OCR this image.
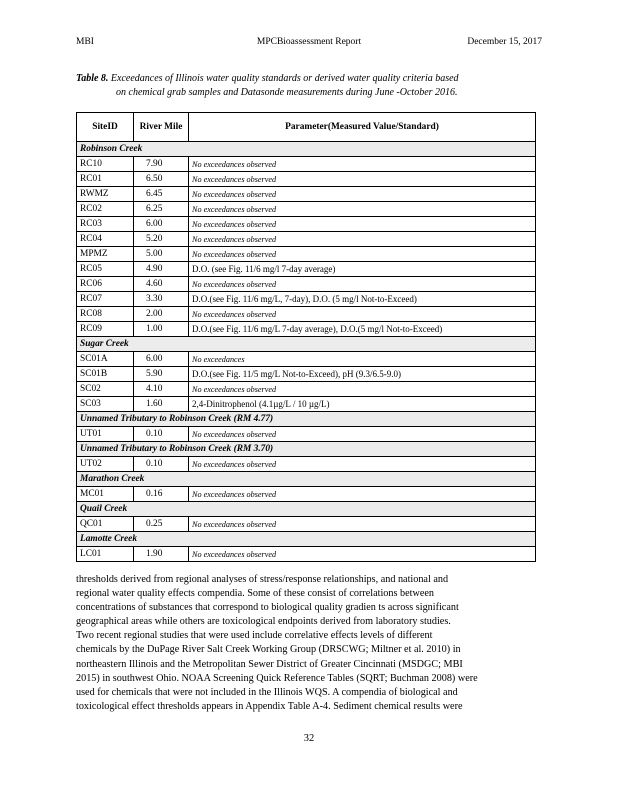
MBI	MPCBioassessment Report	December 15, 2017
Table 8. Exceedances of Illinois water quality standards or derived water quality criteria based
on chemical grab samples and Datasonde measurements during June -October 2016.
SiteID	River Mile	Parameter(Measured Value/Standard)
Robinson Creek		
RC10	7.90	No exceedances observed
RC01	6.50	No exceedances observed
RWMZ	6.45	No exceedances observed
RC02	6.25	No exceedances observed
RC03	6.00	No exceedances observed
RC04	5.20	No exceedances observed
MPMZ	5.00	No exceedances observed
RC05	4.90	D.O. (see Fig. 11/6 mg/l 7-day average)
RC06	4.60	No exceedances observed
RC07	3.30	D.O.(see Fig. 11/6 mg/L, 7-day), D.O. (5 mg/l Not-to-Exceed)
RC08	2.00	No exceedances observed
RC09	1.00	D.O.(see Fig. 11/6 mg/L 7-day average), D.O.(5 mg/l Not-to-Exceed)
Sugar Creek		
SC01A	6.00	No exceedances
SC01B	5.90	D.O.(see Fig. 11/5 mg/L Not-to-Exceed), pH (9.3/6.5-9.0)
SC02	4.10	No exceedances observed
SC03	1.60	2,4-Dinitrophenol (4.1µg/L / 10 µg/L)
Unnamed Tributary to Robinson Creek (RM 4.77)		
UT01	0.10	No exceedances observed
Unnamed Tributary to Robinson Creek (RM 3.70)		
UT02	0.10	No exceedances observed
Marathon Creek		
MC01	0.16	No exceedances observed
Quail Creek		
QC01	0.25	No exceedances observed
Lamotte Creek		
LC01	1.90	No exceedances observed

thresholds derived from regional analyses of stress/response relationships, and national and
regional water quality effects compendia. Some of these consist of correlations between
concentrations of substances that correspond to biological quality gradien ts across significant
geographical areas while others are toxicological endpoints derived from laboratory studies.
Two recent regional studies that were used include correlative effects levels of different
chemicals by the DuPage River Salt Creek Working Group (DRSCWG; Miltner et al. 2010) in
northeastern Illinois and the Metropolitan Sewer District of Greater Cincinnati (MSDGC; MBI
2015) in southwest Ohio. NOAA Screening Quick Reference Tables (SQRT; Buchman 2008) were
used for chemicals that were not included in the Illinois WQS. A compendia of biological and
toxicological effect thresholds appears in Appendix Table A-4. Sediment chemical results were

32
